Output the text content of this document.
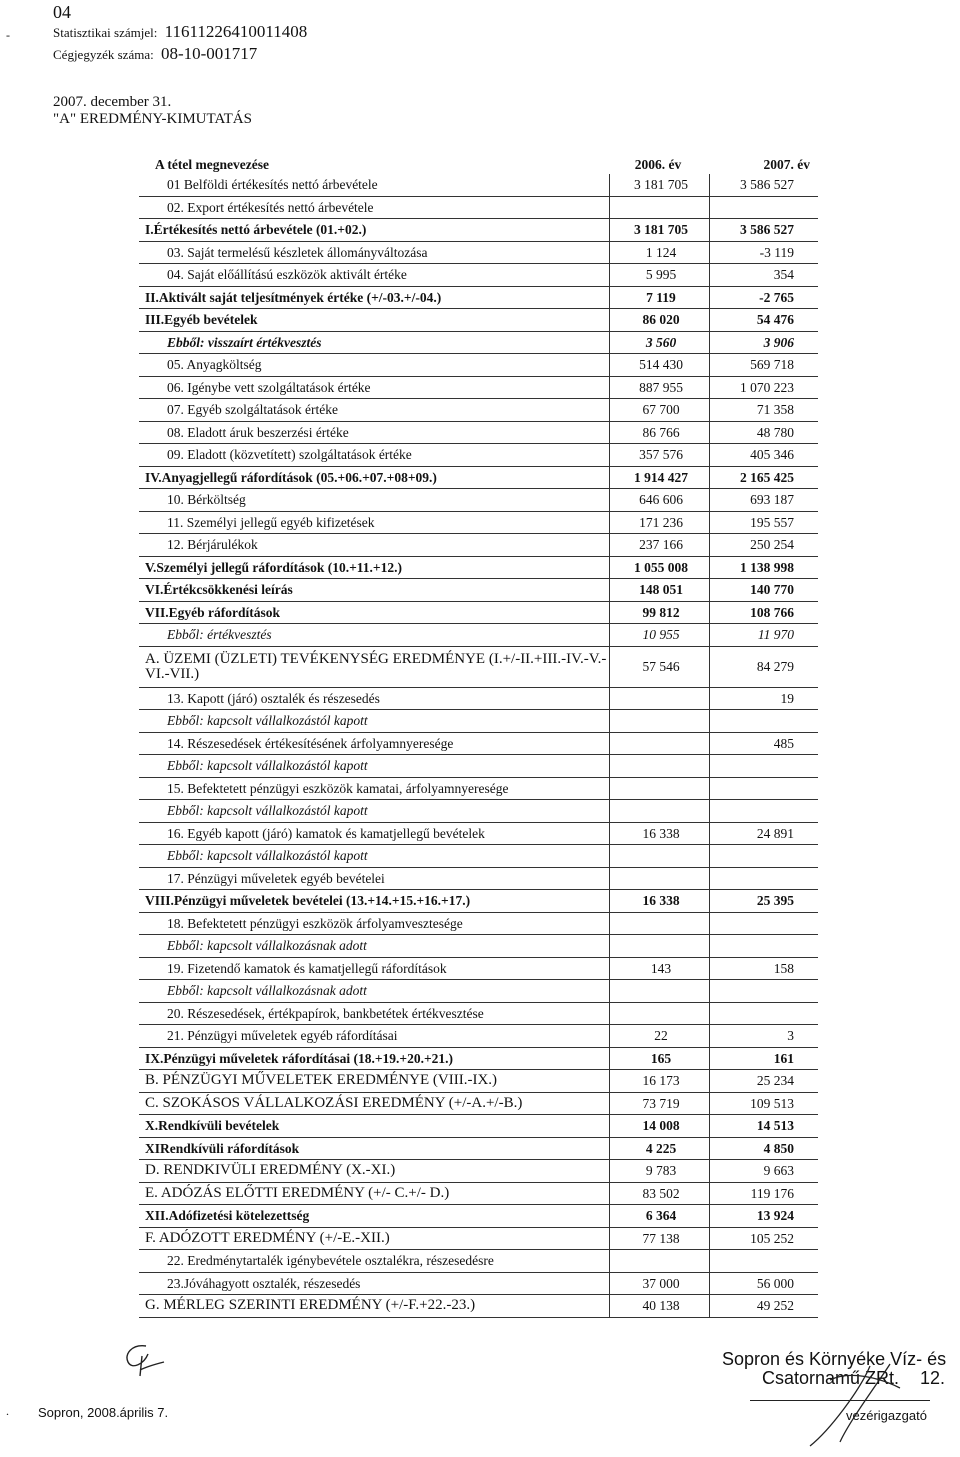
04
-	Statisztikai számjel: 11611226410011408
Cégjegyzék száma: 08-10-001717
2007. december 31.
"A" EREDMÉNY-KIMUTATÁS
A tétel megnevezése	2006. év	2007. év
01 Belföldi értékesítés nettó árbevétele	3 181 705	3 586 527
02. Export értékesítés nettó árbevétele		
I.Értékesítés nettó árbevétele (01.+02.)	3 181 705	3 586 527
03. Saját termelésű készletek állományváltozása	1 124	-3 119
04. Saját előállítású eszközök aktivált értéke	5 995	354
II.Aktivált saját teljesítmények értéke (+/-03.+/-04.)	7 119	-2 765
III.Egyéb bevételek	86 020	54 476
Ebből: visszaírt értékvesztés	3 560	3 906
05. Anyagköltség	514 430	569 718
06. Igénybe vett szolgáltatások értéke	887 955	1 070 223
07. Egyéb szolgáltatások értéke	67 700	71 358
08. Eladott áruk beszerzési értéke	86 766	48 780
09. Eladott (közvetített) szolgáltatások értéke	357 576	405 346
IV.Anyagjellegű ráfordítások (05.+06.+07.+08+09.)	1 914 427	2 165 425
10. Bérköltség	646 606	693 187
11. Személyi jellegű egyéb kifizetések	171 236	195 557
12. Bérjárulékok	237 166	250 254
V.Személyi jellegű ráfordítások (10.+11.+12.)	1 055 008	1 138 998
VI.Értékcsökkenési leírás	148 051	140 770
VII.Egyéb ráfordítások	99 812	108 766
Ebből: értékvesztés	10 955	11 970
A. ÜZEMI (ÜZLETI) TEVÉKENYSÉG EREDMÉNYE (I.+/-II.+III.-IV.-V.-VI.-VII.)	57 546	84 279
13. Kapott (járó) osztalék és részesedés		19
Ebből: kapcsolt vállalkozástól kapott		
14. Részesedések értékesítésének árfolyamnyeresége		485
Ebből: kapcsolt vállalkozástól kapott		
15. Befektetett pénzügyi eszközök kamatai, árfolyamnyeresége		
Ebből: kapcsolt vállalkozástól kapott		
16. Egyéb kapott (járó) kamatok és kamatjellegű bevételek	16 338	24 891
Ebből: kapcsolt vállalkozástól kapott		
17. Pénzügyi műveletek egyéb bevételei		
VIII.Pénzügyi műveletek bevételei (13.+14.+15.+16.+17.)	16 338	25 395
18. Befektetett pénzügyi eszközök árfolyamvesztesége		
Ebből: kapcsolt vállalkozásnak adott		
19. Fizetendő kamatok és kamatjellegű ráfordítások	143	158
Ebből: kapcsolt vállalkozásnak adott		
20. Részesedések, értékpapírok, bankbetétek értékvesztése		
21. Pénzügyi műveletek egyéb ráfordításai	22	3
IX.Pénzügyi műveletek ráfordításai (18.+19.+20.+21.)	165	161
B. PÉNZÜGYI MŰVELETEK EREDMÉNYE (VIII.-IX.)	16 173	25 234
C. SZOKÁSOS VÁLLALKOZÁSI EREDMÉNY (+/-A.+/-B.)	73 719	109 513
X.Rendkívüli bevételek	14 008	14 513
XIRendkívüli ráfordítások	4 225	4 850
D. RENDKIVÜLI EREDMÉNY (X.-XI.)	9 783	9 663
E. ADÓZÁS ELŐTTI EREDMÉNY (+/- C.+/- D.)	83 502	119 176
XII.Adófizetési kötelezettség	6 364	13 924
F. ADÓZOTT EREDMÉNY (+/-E.-XII.)	77 138	105 252
22. Eredménytartalék igénybevétele osztalékra, részesedésre		
23.Jóváhagyott osztalék, részesedés	37 000	56 000
G. MÉRLEG SZERINTI EREDMÉNY (+/-F.+22.-23.)	40 138	49 252
Sopron, 2008.április 7.
.
Sopron és Környéke Víz- és
Csatornamű ZRt. 12.
vezérigazgató
